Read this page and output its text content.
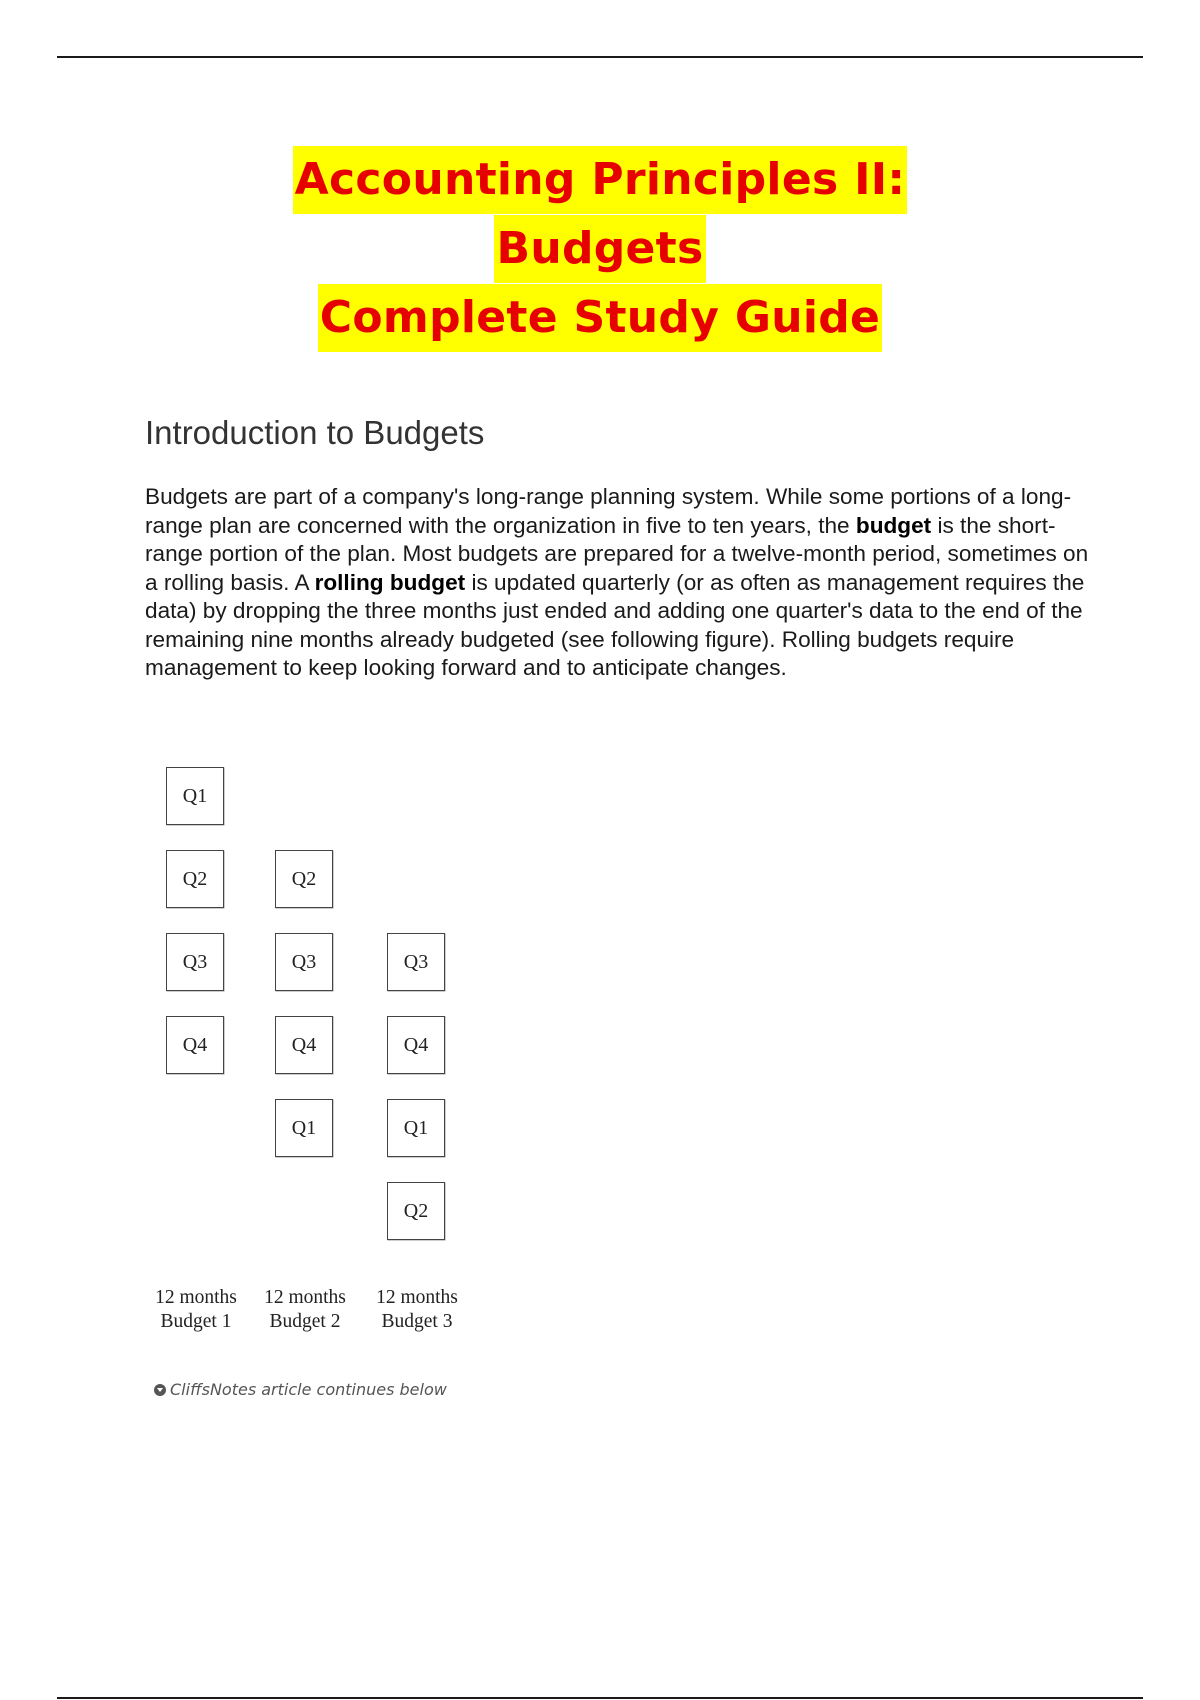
Accounting Principles II:
Budgets
Complete Study Guide
Introduction to Budgets

Budgets are part of a company's long-range planning system. While some portions of a long-range plan are concerned with the organization in five to ten years, the budget is the short-range portion of the plan. Most budgets are prepared for a twelve-month period, sometimes on a rolling basis. A rolling budget is updated quarterly (or as often as management requires the data) by dropping the three months just ended and adding one quarter's data to the end of the remaining nine months already budgeted (see following figure). Rolling budgets require management to keep looking forward and to anticipate changes.

Q1
Q2
Q3
Q4
Q2
Q3
Q4
Q1
Q3
Q4
Q1
Q2
12 months
Budget 1
12 months
Budget 2
12 months
Budget 3
CliffsNotes article continues below
